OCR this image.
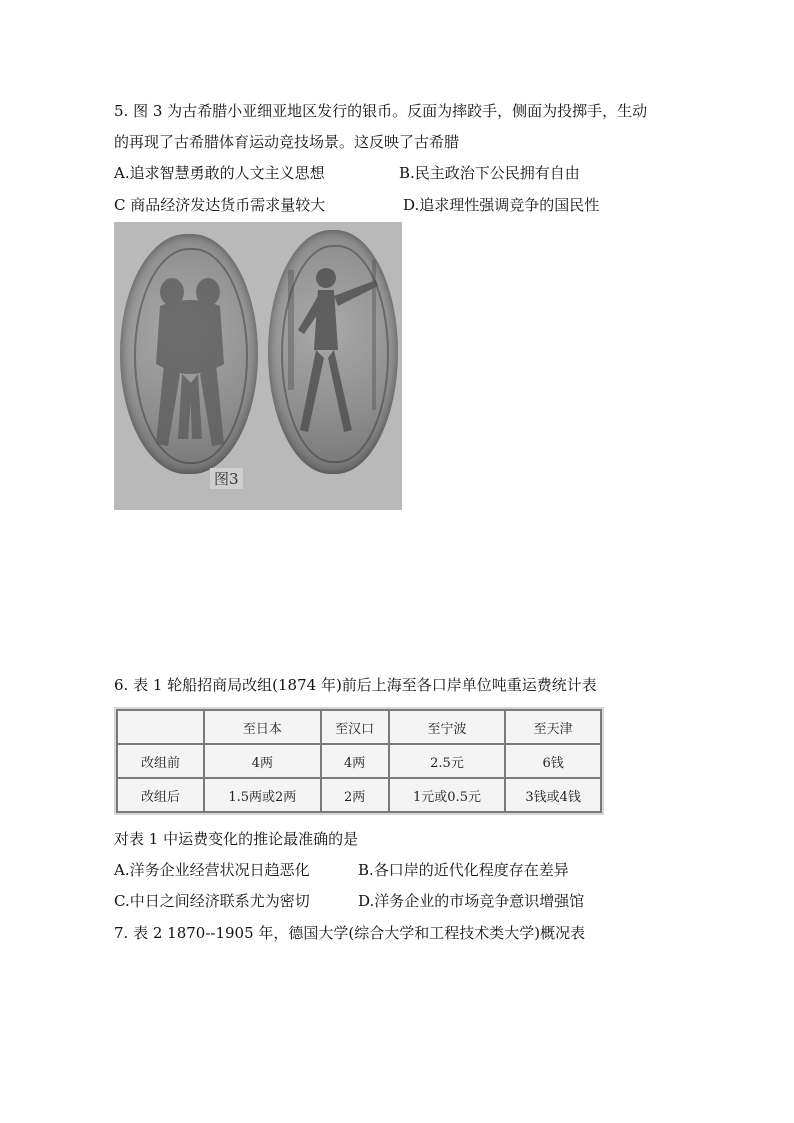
5. 图 3 为古希腊小亚细亚地区发行的银币。反面为摔跤手，侧面为投掷手，生动
的再现了古希腊体育运动竞技场景。这反映了古希腊
A.追求智慧勇敢的人文主义思想	B.民主政治下公民拥有自由
C 商品经济发达货币需求量较大	D.追求理性强调竞争的国民性
图3
6. 表 1 轮船招商局改组(1874 年)前后上海至各口岸单位吨重运费统计表
	至日本	至汉口	至宁波	至天津
改组前	4两	4两	2.5元	6钱
改组后	1.5两或2两	2两	1元或0.5元	3钱或4钱
对表 1 中运费变化的推论最准确的是
A.洋务企业经营状况日趋恶化	B.各口岸的近代化程度存在差异
C.中日之间经济联系尤为密切	D.洋务企业的市场竞争意识增强馆
7. 表 2 1870--1905 年，德国大学(综合大学和工程技术类大学)概况表
